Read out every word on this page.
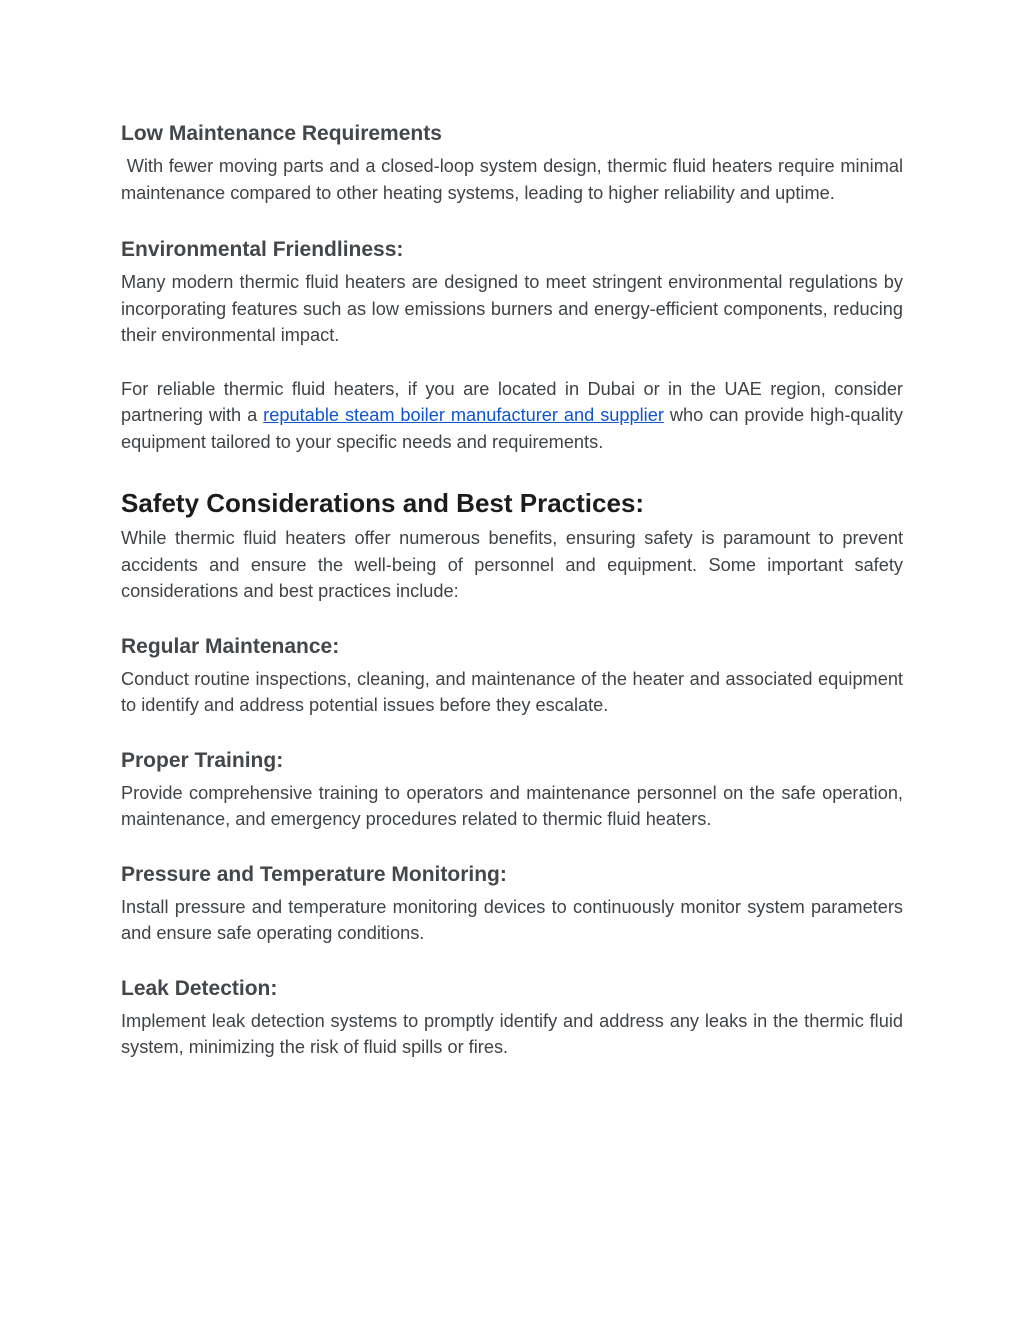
Low Maintenance Requirements

With fewer moving parts and a closed-loop system design, thermic fluid heaters require minimal maintenance compared to other heating systems, leading to higher reliability and uptime.

Environmental Friendliness:

Many modern thermic fluid heaters are designed to meet stringent environmental regulations by incorporating features such as low emissions burners and energy-efficient components, reducing their environmental impact.

For reliable thermic fluid heaters, if you are located in Dubai or in the UAE region, consider partnering with a reputable steam boiler manufacturer and supplier who can provide high-quality equipment tailored to your specific needs and requirements.

Safety Considerations and Best Practices:

While thermic fluid heaters offer numerous benefits, ensuring safety is paramount to prevent accidents and ensure the well-being of personnel and equipment. Some important safety considerations and best practices include:

Regular Maintenance:

Conduct routine inspections, cleaning, and maintenance of the heater and associated equipment to identify and address potential issues before they escalate.

Proper Training:

Provide comprehensive training to operators and maintenance personnel on the safe operation, maintenance, and emergency procedures related to thermic fluid heaters.

Pressure and Temperature Monitoring:

Install pressure and temperature monitoring devices to continuously monitor system parameters and ensure safe operating conditions.

Leak Detection:

Implement leak detection systems to promptly identify and address any leaks in the thermic fluid system, minimizing the risk of fluid spills or fires.
